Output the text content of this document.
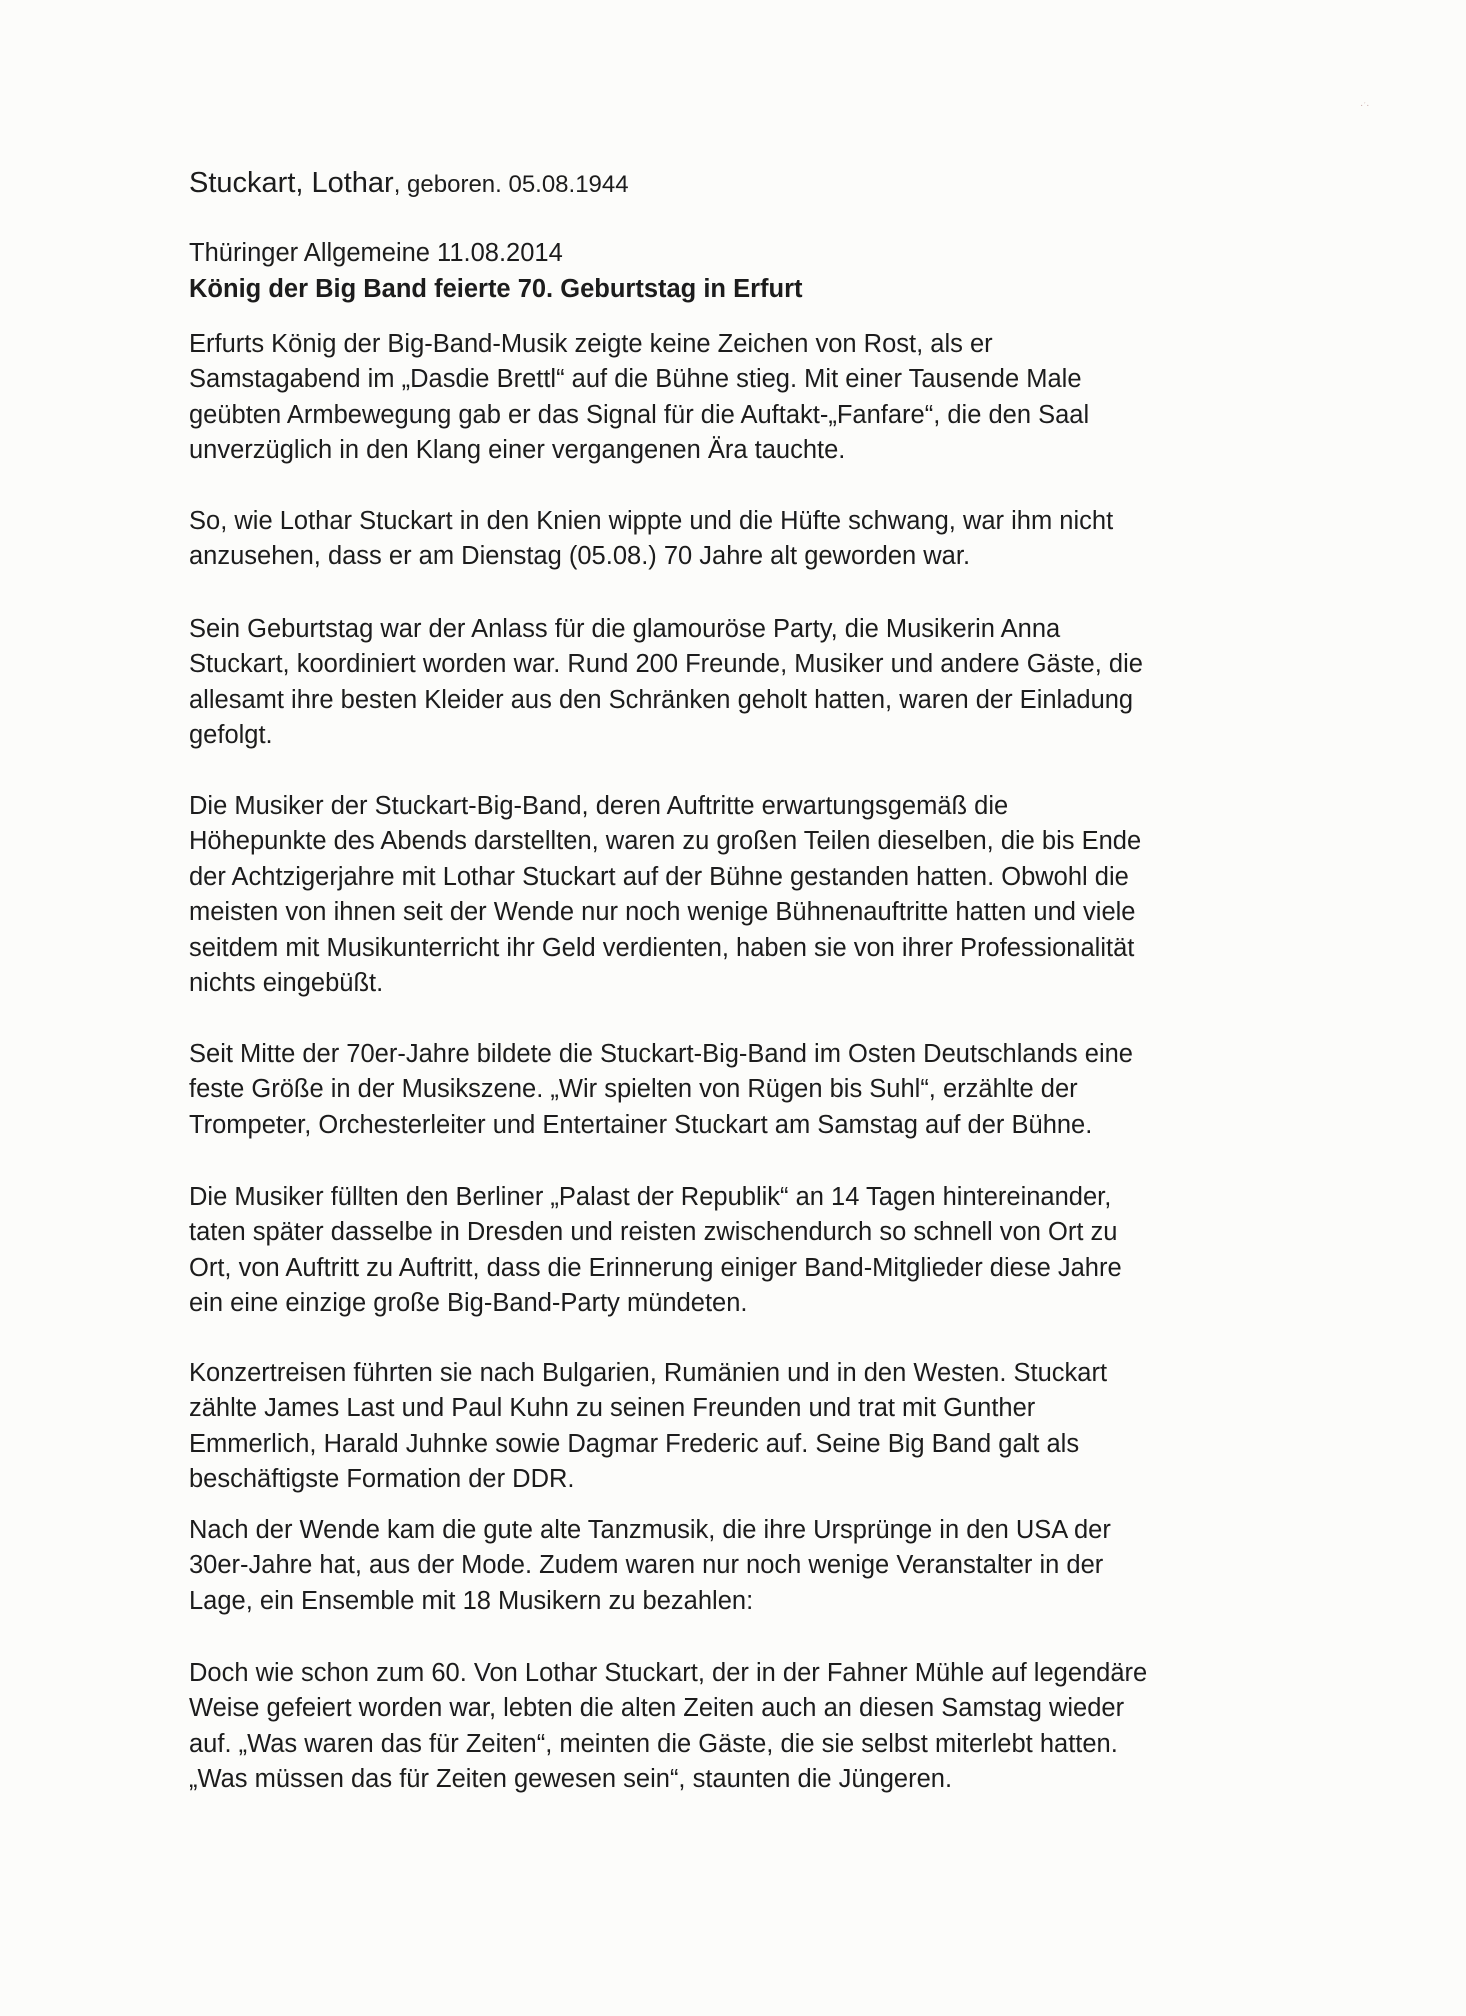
·ˑ·
Stuckart, Lothar, geboren. 05.08.1944
Thüringer Allgemeine 11.08.2014
König der Big Band feierte 70. Geburtstag in Erfurt
Erfurts König der Big-Band-Musik zeigte keine Zeichen von Rost, als er
Samstagabend im „Dasdie Brettl“ auf die Bühne stieg. Mit einer Tausende Male
geübten Armbewegung gab er das Signal für die Auftakt-„Fanfare“, die den Saal
unverzüglich in den Klang einer vergangenen Ära tauchte.
So, wie Lothar Stuckart in den Knien wippte und die Hüfte schwang, war ihm nicht
anzusehen, dass er am Dienstag (05.08.) 70 Jahre alt geworden war.
Sein Geburtstag war der Anlass für die glamouröse Party, die Musikerin Anna
Stuckart, koordiniert worden war. Rund 200 Freunde, Musiker und andere Gäste, die
allesamt ihre besten Kleider aus den Schränken geholt hatten, waren der Einladung
gefolgt.
Die Musiker der Stuckart-Big-Band, deren Auftritte erwartungsgemäß die
Höhepunkte des Abends darstellten, waren zu großen Teilen dieselben, die bis Ende
der Achtzigerjahre mit Lothar Stuckart auf der Bühne gestanden hatten. Obwohl die
meisten von ihnen seit der Wende nur noch wenige Bühnenauftritte hatten und viele
seitdem mit Musikunterricht ihr Geld verdienten, haben sie von ihrer Professionalität
nichts eingebüßt.
Seit Mitte der 70er-Jahre bildete die Stuckart-Big-Band im Osten Deutschlands eine
feste Größe in der Musikszene. „Wir spielten von Rügen bis Suhl“, erzählte der
Trompeter, Orchesterleiter und Entertainer Stuckart am Samstag auf der Bühne.
Die Musiker füllten den Berliner „Palast der Republik“ an 14 Tagen hintereinander,
taten später dasselbe in Dresden und reisten zwischendurch so schnell von Ort zu
Ort, von Auftritt zu Auftritt, dass die Erinnerung einiger Band-Mitglieder diese Jahre
ein eine einzige große Big-Band-Party mündeten.
Konzertreisen führten sie nach Bulgarien, Rumänien und in den Westen. Stuckart
zählte James Last und Paul Kuhn zu seinen Freunden und trat mit Gunther
Emmerlich, Harald Juhnke sowie Dagmar Frederic auf. Seine Big Band galt als
beschäftigste Formation der DDR.
Nach der Wende kam die gute alte Tanzmusik, die ihre Ursprünge in den USA der
30er-Jahre hat, aus der Mode. Zudem waren nur noch wenige Veranstalter in der
Lage, ein Ensemble mit 18 Musikern zu bezahlen:
Doch wie schon zum 60. Von Lothar Stuckart, der in der Fahner Mühle auf legendäre
Weise gefeiert worden war, lebten die alten Zeiten auch an diesen Samstag wieder
auf. „Was waren das für Zeiten“, meinten die Gäste, die sie selbst miterlebt hatten.
„Was müssen das für Zeiten gewesen sein“, staunten die Jüngeren.
